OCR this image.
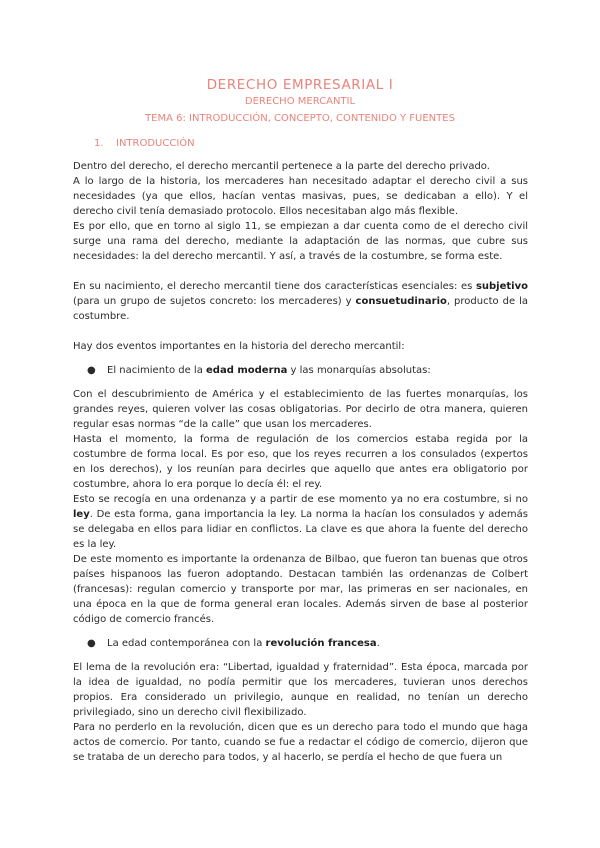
DERECHO EMPRESARIAL I
DERECHO MERCANTIL
TEMA 6: INTRODUCCIÓN, CONCEPTO, CONTENIDO Y FUENTES
1. INTRODUCCIÓN

Dentro del derecho, el derecho mercantil pertenece a la parte del derecho privado.

A lo largo de la historia, los mercaderes han necesitado adaptar el derecho civil a sus necesidades (ya que ellos, hacían ventas masivas, pues, se dedicaban a ello). Y el derecho civil tenía demasiado protocolo. Ellos necesitaban algo más flexible.

Es por ello, que en torno al siglo 11, se empiezan a dar cuenta como de el derecho civil surge una rama del derecho, mediante la adaptación de las normas, que cubre sus necesidades: la del derecho mercantil. Y así, a través de la costumbre, se forma este.

En su nacimiento, el derecho mercantil tiene dos características esenciales: es subjetivo (para un grupo de sujetos concreto: los mercaderes) y consuetudinario, producto de la costumbre.

Hay dos eventos importantes en la historia del derecho mercantil:

●	El nacimiento de la edad moderna y las monarquías absolutas:

Con el descubrimiento de América y el establecimiento de las fuertes monarquías, los grandes reyes, quieren volver las cosas obligatorias. Por decirlo de otra manera, quieren regular esas normas “de la calle” que usan los mercaderes.

Hasta el momento, la forma de regulación de los comercios estaba regida por la costumbre de forma local. Es por eso, que los reyes recurren a los consulados (expertos en los derechos), y los reunían para decirles que aquello que antes era obligatorio por costumbre, ahora lo era porque lo decía él: el rey.

Esto se recogía en una ordenanza y a partir de ese momento ya no era costumbre, si no ley. De esta forma, gana importancia la ley. La norma la hacían los consulados y además se delegaba en ellos para lidiar en conflictos. La clave es que ahora la fuente del derecho es la ley.

De este momento es importante la ordenanza de Bilbao, que fueron tan buenas que otros países hispanoos las fueron adoptando. Destacan también las ordenanzas de Colbert (francesas): regulan comercio y transporte por mar, las primeras en ser nacionales, en una época en la que de forma general eran locales. Además sirven de base al posterior código de comercio francés.

●	La edad contemporánea con la revolución francesa.

El lema de la revolución era: “Libertad, igualdad y fraternidad”. Esta época, marcada por la idea de igualdad, no podía permitir que los mercaderes, tuvieran unos derechos propios. Era considerado un privilegio, aunque en realidad, no tenían un derecho privilegiado, sino un derecho civil flexibilizado.

Para no perderlo en la revolución, dicen que es un derecho para todo el mundo que haga actos de comercio. Por tanto, cuando se fue a redactar el código de comercio, dijeron que se trataba de un derecho para todos, y al hacerlo, se perdía el hecho de que fuera un
